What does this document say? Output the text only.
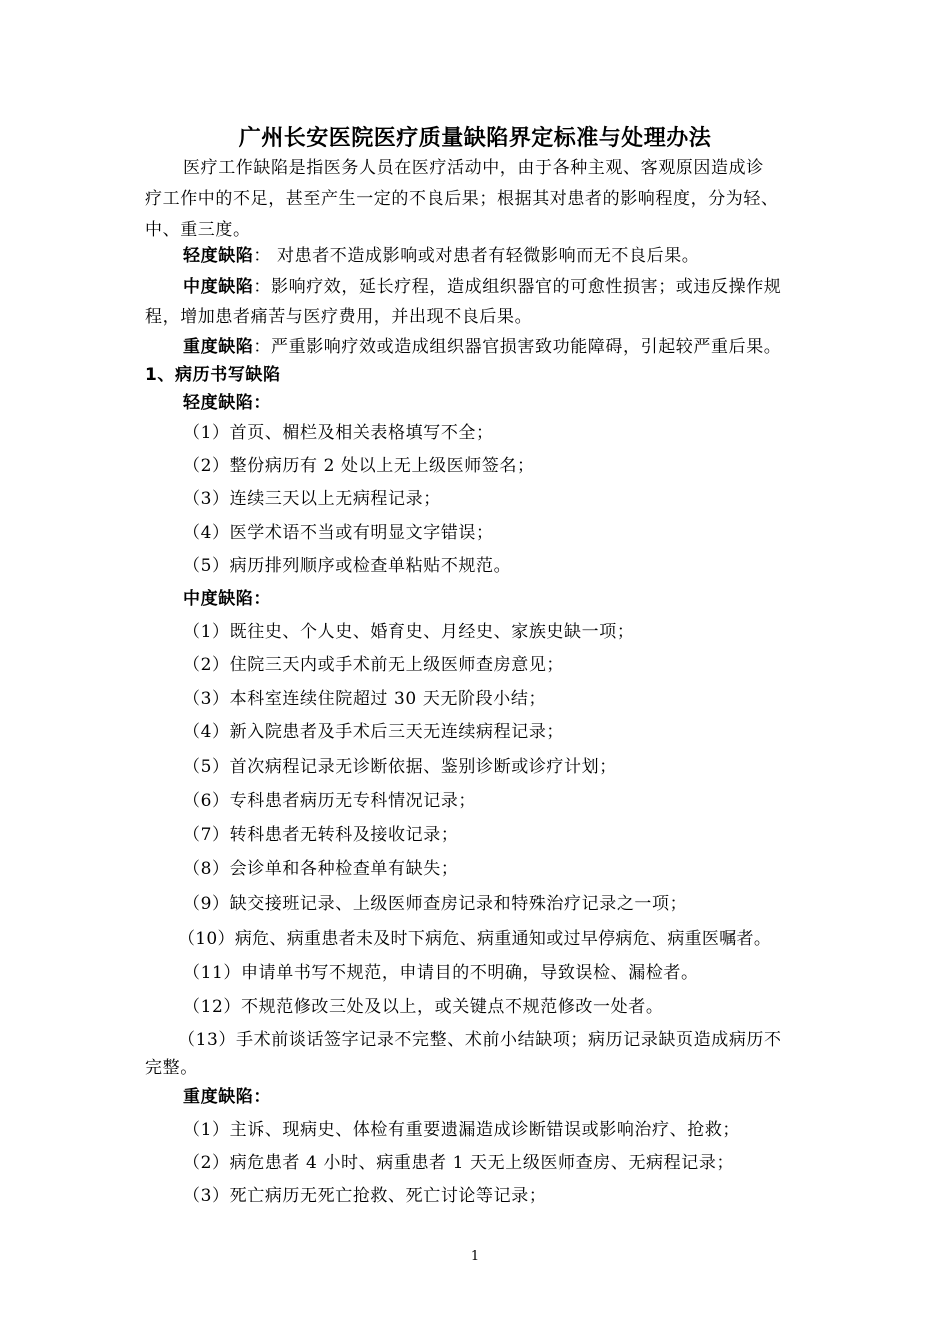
广州长安医院医疗质量缺陷界定标准与处理办法
医疗工作缺陷是指医务人员在医疗活动中，由于各种主观、客观原因造成诊
疗工作中的不足，甚至产生一定的不良后果；根据其对患者的影响程度，分为轻、
中、重三度。
轻度缺陷： 对患者不造成影响或对患者有轻微影响而无不良后果。
中度缺陷：影响疗效，延长疗程，造成组织器官的可愈性损害；或违反操作规
程，增加患者痛苦与医疗费用，并出现不良后果。
重度缺陷：严重影响疗效或造成组织器官损害致功能障碍，引起较严重后果。
1、病历书写缺陷
轻度缺陷：
（1）首页、楣栏及相关表格填写不全；
（2）整份病历有 2 处以上无上级医师签名；
（3）连续三天以上无病程记录；
（4）医学术语不当或有明显文字错误；
（5）病历排列顺序或检查单粘贴不规范。
中度缺陷：
（1）既往史、个人史、婚育史、月经史、家族史缺一项；
（2）住院三天内或手术前无上级医师查房意见；
（3）本科室连续住院超过 30 天无阶段小结；
（4）新入院患者及手术后三天无连续病程记录；
（5）首次病程记录无诊断依据、鉴别诊断或诊疗计划；
（6）专科患者病历无专科情况记录；
（7）转科患者无转科及接收记录；
（8）会诊单和各种检查单有缺失；
（9）缺交接班记录、上级医师查房记录和特殊治疗记录之一项；
（10）病危、病重患者未及时下病危、病重通知或过早停病危、病重医嘱者。
（11）申请单书写不规范，申请目的不明确，导致误检、漏检者。
（12）不规范修改三处及以上，或关键点不规范修改一处者。
（13）手术前谈话签字记录不完整、术前小结缺项；病历记录缺页造成病历不
完整。
重度缺陷：
（1）主诉、现病史、体检有重要遗漏造成诊断错误或影响治疗、抢救；
（2）病危患者 4 小时、病重患者 1 天无上级医师查房、无病程记录；
（3）死亡病历无死亡抢救、死亡讨论等记录；
1
